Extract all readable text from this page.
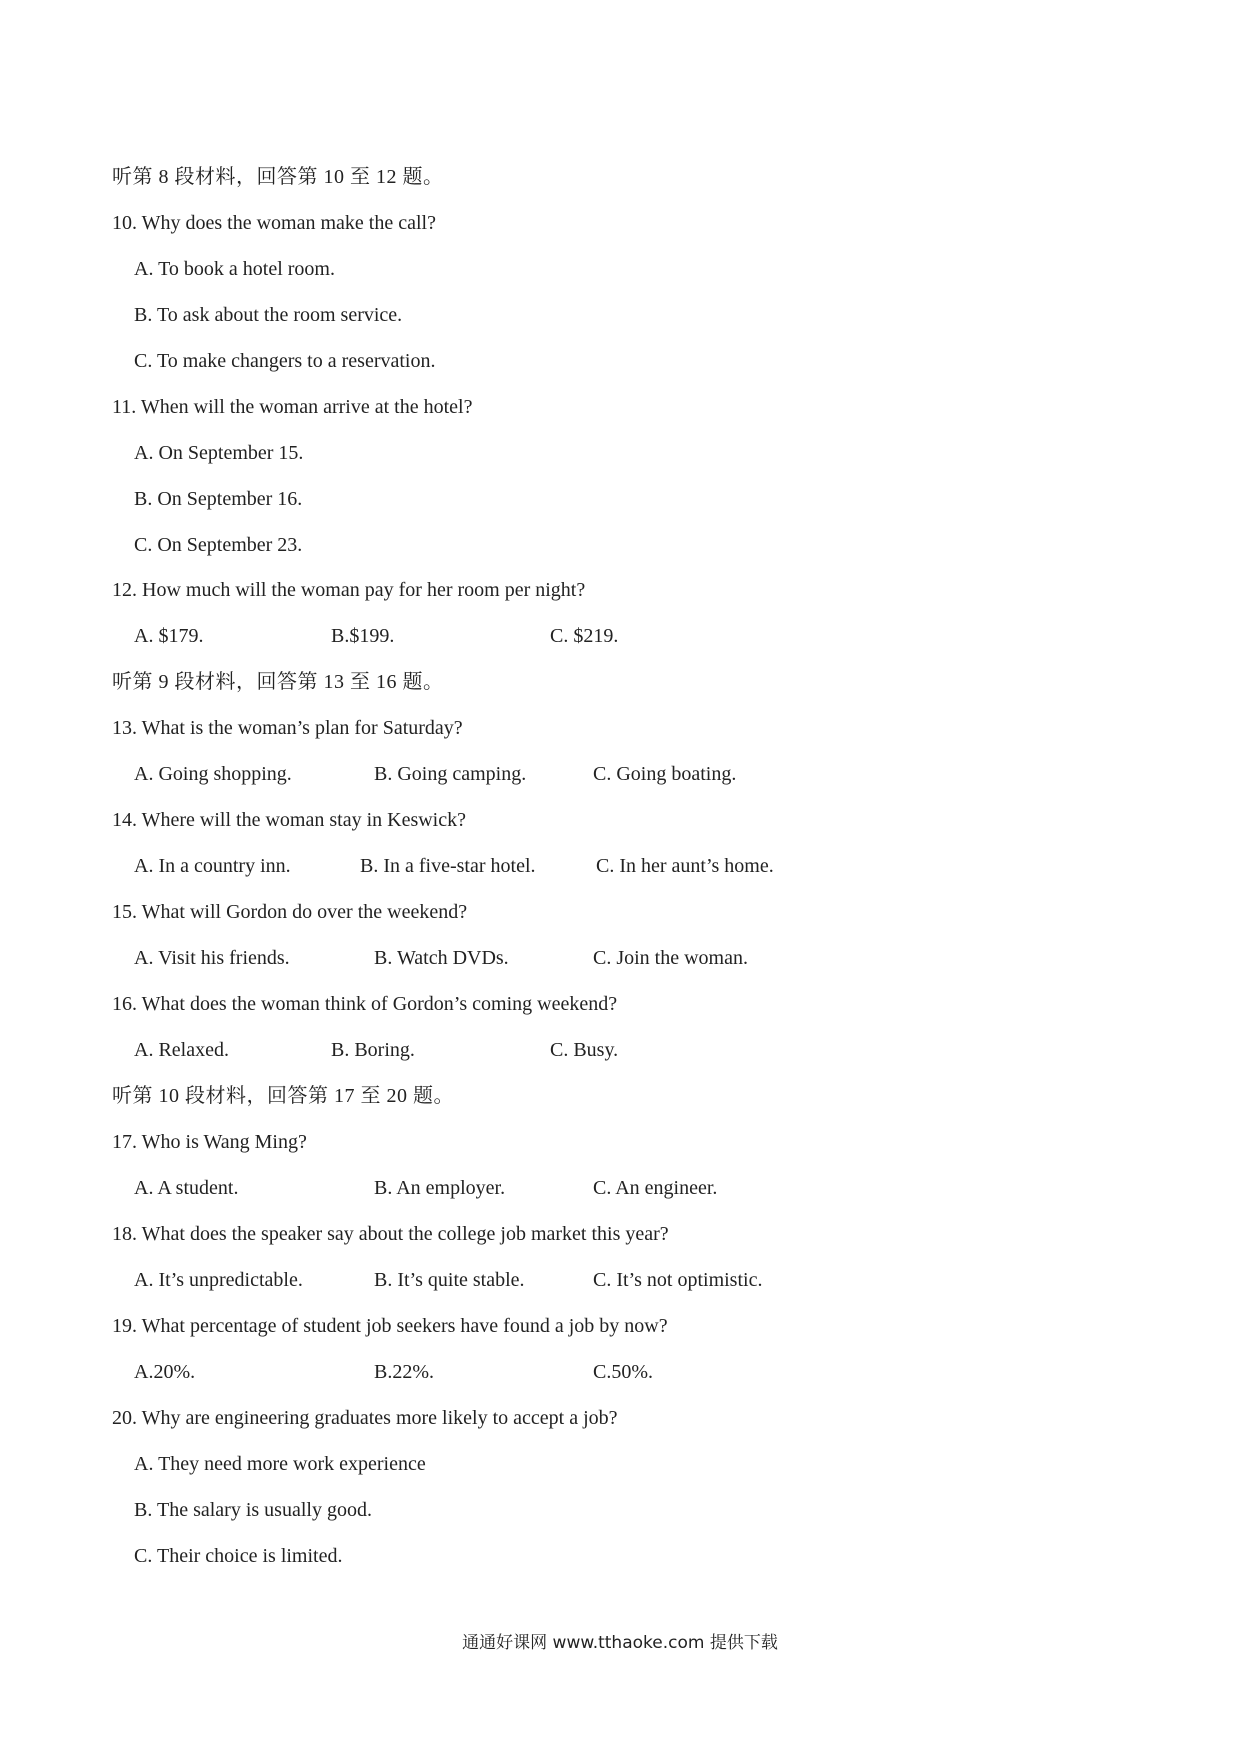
听第 8 段材料，回答第 10 至 12 题。
10. Why does the woman make the call?
A. To book a hotel room.
B. To ask about the room service.
C. To make changers to a reservation.
11. When will the woman arrive at the hotel?
A. On September 15.
B. On September 16.
C. On September 23.
12. How much will the woman pay for her room per night?
A. $179.	B.$199.	C. $219.
听第 9 段材料，回答第 13 至 16 题。
13. What is the woman’s plan for Saturday?
A. Going shopping.	B. Going camping.	C. Going boating.
14. Where will the woman stay in Keswick?
A. In a country inn.	B. In a five-star hotel.	C. In her aunt’s home.
15. What will Gordon do over the weekend?
A. Visit his friends.	B. Watch DVDs.	C. Join the woman.
16. What does the woman think of Gordon’s coming weekend?
A. Relaxed.	B. Boring.	C. Busy.
听第 10 段材料，回答第 17 至 20 题。
17. Who is Wang Ming?
A. A student.	B. An employer.	C. An engineer.
18. What does the speaker say about the college job market this year?
A. It’s unpredictable.	B. It’s quite stable.	C. It’s not optimistic.
19. What percentage of student job seekers have found a job by now?
A.20%.	B.22%.	C.50%.
20. Why are engineering graduates more likely to accept a job?
A. They need more work experience
B. The salary is usually good.
C. Their choice is limited.
通通好课网 www.tthaoke.com 提供下载
